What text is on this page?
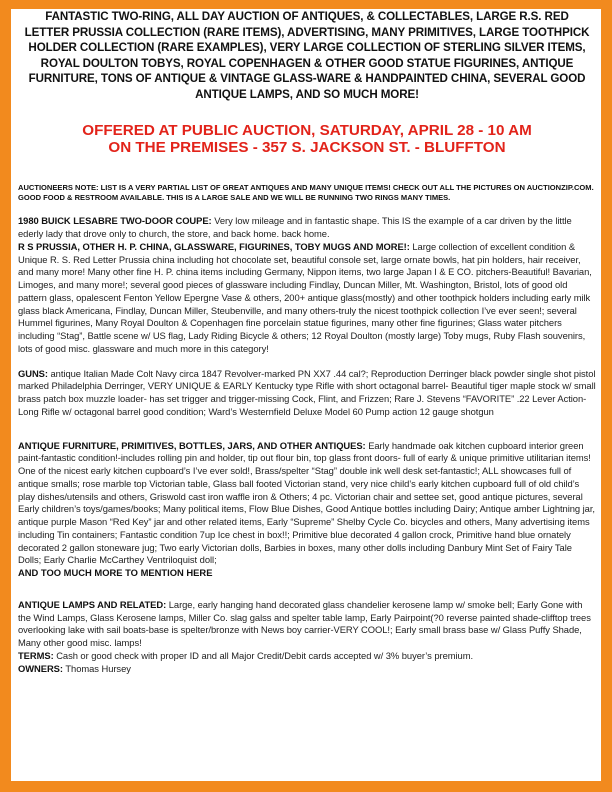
FANTASTIC TWO-RING, ALL DAY AUCTION OF ANTIQUES, & COLLECTABLES, LARGE R.S. RED LETTER PRUSSIA COLLECTION (RARE ITEMS), ADVERTISING, MANY PRIMITIVES, LARGE TOOTHPICK HOLDER COLLECTION (RARE EXAMPLES), VERY LARGE COLLECTION OF STERLING SILVER ITEMS, ROYAL DOULTON TOBYS, ROYAL COPENHAGEN & OTHER GOOD STATUE FIGURINES, ANTIQUE FURNITURE, TONS OF ANTIQUE & VINTAGE GLASS-WARE & HANDPAINTED CHINA, SEVERAL GOOD ANTIQUE LAMPS, AND SO MUCH MORE!

OFFERED AT PUBLIC AUCTION, SATURDAY, APRIL 28 - 10 AM
ON THE PREMISES - 357 S. JACKSON ST. - BLUFFTON

AUCTIONEERS NOTE: LIST IS A VERY PARTIAL LIST OF GREAT ANTIQUES AND MANY UNIQUE ITEMS! CHECK OUT ALL THE PICTURES ON AUCTIONZIP.COM. GOOD FOOD & RESTROOM AVAILABLE. THIS IS A LARGE SALE AND WE WILL BE RUNNING TWO RINGS MANY TIMES.

1980 BUICK LESABRE TWO-DOOR COUPE: Very low mileage and in fantastic shape. This IS the example of a car driven by the little ederly lady that drove only to church, the store, and back home. back home.

R S PRUSSIA, OTHER H. P. CHINA, GLASSWARE, FIGURINES, TOBY MUGS AND MORE!: Large collection of excellent condition & Unique R. S. Red Letter Prussia china including hot chocolate set, beautiful console set, large ornate bowls, hat pin holders, hair receiver, and many more! Many other fine H. P. china items including Germany, Nippon items, two large Japan I & E CO. pitchers-Beautiful! Bavarian, Limoges, and many more!; several good pieces of glassware including Findlay, Duncan Miller, Mt. Washington, Bristol, lots of good old pattern glass, opalescent Fenton Yellow Epergne Vase & others, 200+ antique glass(mostly) and other toothpick holders including early milk glass black Americana, Findlay, Duncan Miller, Steubenville, and many others-truly the nicest toothpick collection I’ve ever seen!; several Hummel figurines, Many Royal Doulton & Copenhagen fine porcelain statue figurines, many other fine figurines; Glass water pitchers including “Stag”, Battle scene w/ US flag, Lady Riding Bicycle & others; 12 Royal Doulton (mostly large) Toby mugs, Ruby Flash souvenirs, lots of good misc. glassware and much more in this category!

GUNS: antique Italian Made Colt Navy circa 1847 Revolver-marked PN XX7 .44 cal?; Reproduction Derringer black powder single shot pistol marked Philadelphia Derringer, VERY UNIQUE & EARLY Kentucky type Rifle with short octagonal barrel- Beautiful tiger maple stock w/ small brass patch box muzzle loader- has set trigger and trigger-missing Cock, Flint, and Frizzen; Rare J. Stevens “FAVORITE” .22 Lever Action-Long Rifle w/ octagonal barrel good condition; Ward’s Westernfield Deluxe Model 60 Pump action 12 gauge shotgun

ANTIQUE FURNITURE, PRIMITIVES, BOTTLES, JARS, AND OTHER ANTIQUES: Early handmade oak kitchen cupboard interior green paint-fantastic condition!-includes rolling pin and holder, tip out flour bin, top glass front doors- full of early & unique primitive utilitarian items! One of the nicest early kitchen cupboard’s I’ve ever sold!, Brass/spelter “Stag” double ink well desk set-fantastic!; ALL showcases full of antique smalls; rose marble top Victorian table, Glass ball footed Victorian stand, very nice child’s early kitchen cupboard full of old child’s play dishes/utensils and others, Griswold cast iron waffle iron & Others; 4 pc. Victorian chair and settee set, good antique pictures, several Early children’s toys/games/books; Many political items, Flow Blue Dishes, Good Antique bottles including Dairy; Antique amber Lightning jar, antique purple Mason “Red Key” jar and other related items, Early “Supreme” Shelby Cycle Co. bicycles and others, Many advertising items including Tin containers; Fantastic condition 7up Ice chest in box!!; Primitive blue decorated 4 gallon crock, Primitive hand blue ornately decorated 2 gallon stoneware jug; Two early Victorian dolls, Barbies in boxes, many other dolls including Danbury Mint Set of Fairy Tale Dolls; Early Charlie McCarthey Ventriloquist doll;

AND TOO MUCH MORE TO MENTION HERE

ANTIQUE LAMPS AND RELATED: Large, early hanging hand decorated glass chandelier kerosene lamp w/ smoke bell; Early Gone with the Wind Lamps, Glass Kerosene lamps, Miller Co. slag galss and spelter table lamp, Early Pairpoint(?0 reverse painted shade-clifftop trees overlooking lake with sail boats-base is spelter/bronze with News boy carrier-VERY COOL!; Early small brass base w/ Glass Puffy Shade, Many other good misc. lamps!

TERMS: Cash or good check with proper ID and all Major Credit/Debit cards accepted w/ 3% buyer’s premium.

OWNERS: Thomas Hursey
